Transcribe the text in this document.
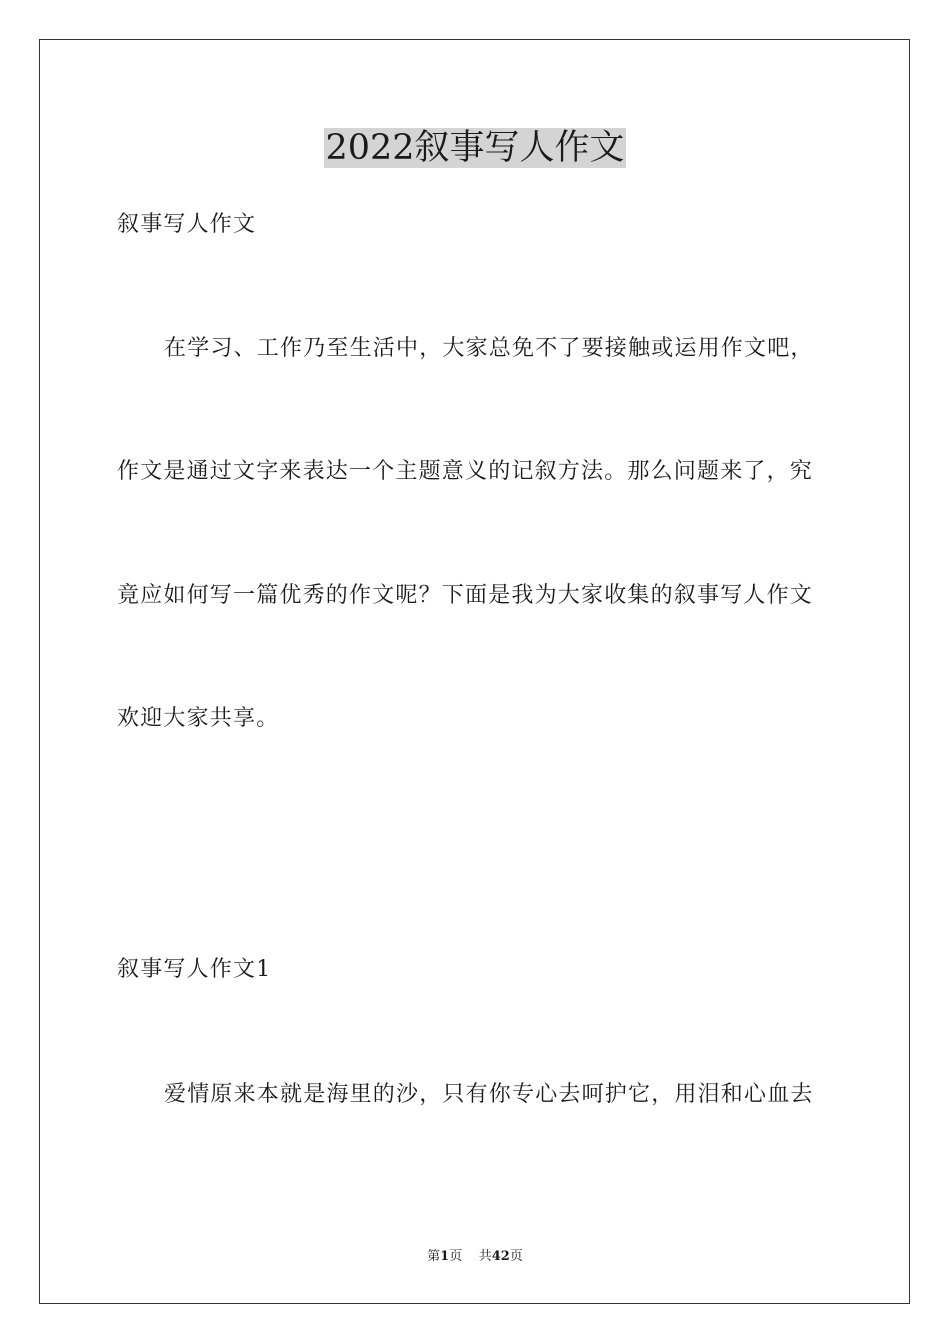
2022叙事写人作文
叙事写人作文
在学习、工作乃至生活中，大家总免不了要接触或运用作文吧，
作文是通过文字来表达一个主题意义的记叙方法。那么问题来了，究
竟应如何写一篇优秀的作文呢？下面是我为大家收集的叙事写人作文
欢迎大家共享。
叙事写人作文1
爱情原来本就是海里的沙，只有你专心去呵护它，用泪和心血去
第1页 共42页
